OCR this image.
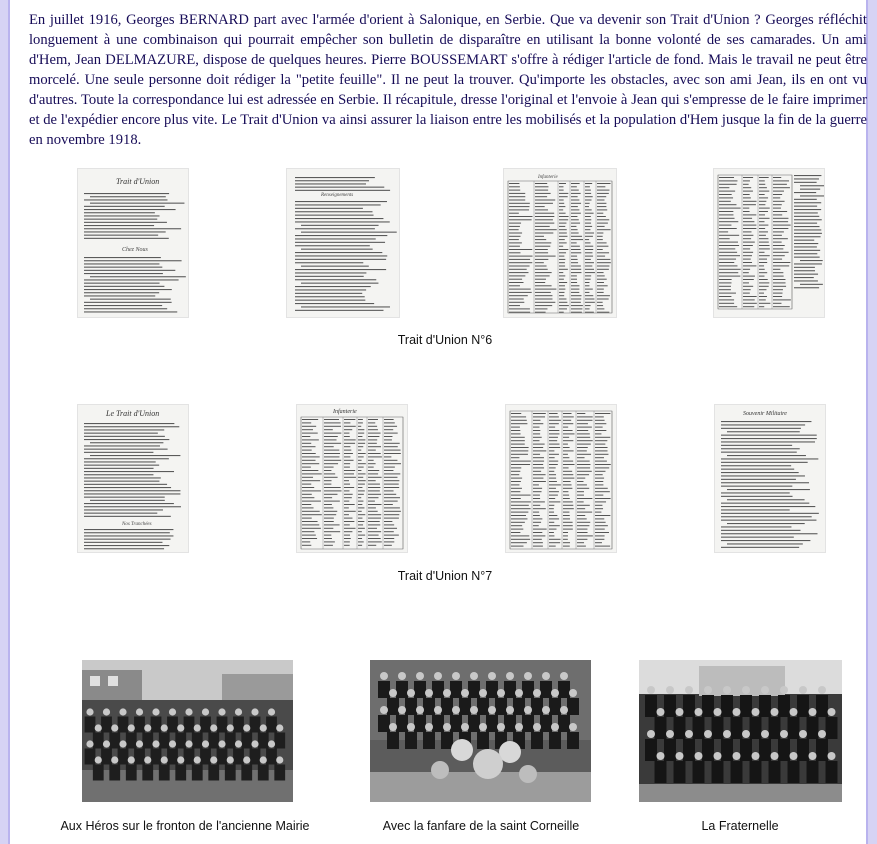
En juillet 1916, Georges BERNARD part avec l'armée d'orient à Salonique, en Serbie. Que va devenir son Trait d'Union ? Georges réfléchit longuement à une combinaison qui pourrait empêcher son bulletin de disparaître en utilisant la bonne volonté de ses camarades. Un ami d'Hem, Jean DELMAZURE, dispose de quelques heures. Pierre BOUSSEMART s'offre à rédiger l'article de fond. Mais le travail ne peut être morcelé. Une seule personne doit rédiger la "petite feuille". Il ne peut la trouver. Qu'importe les obstacles, avec son ami Jean, ils en ont vu d'autres. Toute la correspondance lui est adressée en Serbie. Il récapitule, dresse l'original et l'envoie à Jean qui s'empresse de le faire imprimer et de l'expédier encore plus vite. Le Trait d'Union va ainsi assurer la liaison entre les mobilisés et la population d'Hem jusque la fin de la guerre en novembre 1918.

Trait d'Union
Chez Nous
Renseignements
Infanterie
Trait d'Union N°6
Le Trait d'Union
Nos Tranchées
Infanterie	Souvenir Militaire
Trait d'Union N°7
Aux Héros sur le fronton de l'ancienne Mairie	Avec la fanfare de la saint Corneille	La Fraternelle
